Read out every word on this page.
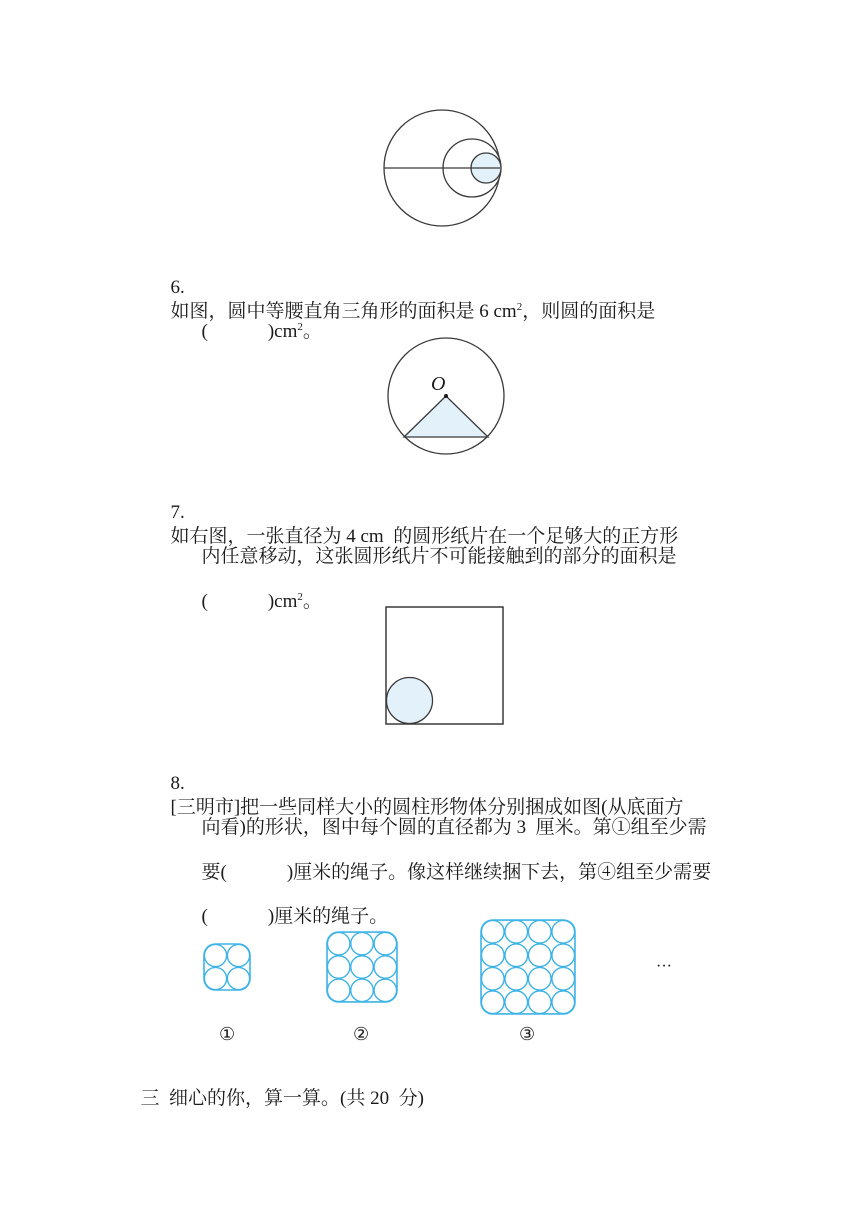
6.
如图，圆中等腰直角三角形的面积是 6 $cm^2$，则圆的面积是

(	)$cm^2$。

O

7.
如右图，一张直径为 4 cm  的圆形纸片在一个足够大的正方形

内任意移动，这张圆形纸片不可能接触到的部分的面积是

(	)$cm^2$。

8.
[三明市]把一些同样大小的圆柱形物体分别捆成如图(从底面方

向看)的形状，图中每个圆的直径都为 3  厘米。第①组至少需

要(	)厘米的绳子。像这样继续捆下去，第④组至少需要

(	)厘米的绳子。

···
①	②	③

三  细心的你，算一算。(共 20  分)
